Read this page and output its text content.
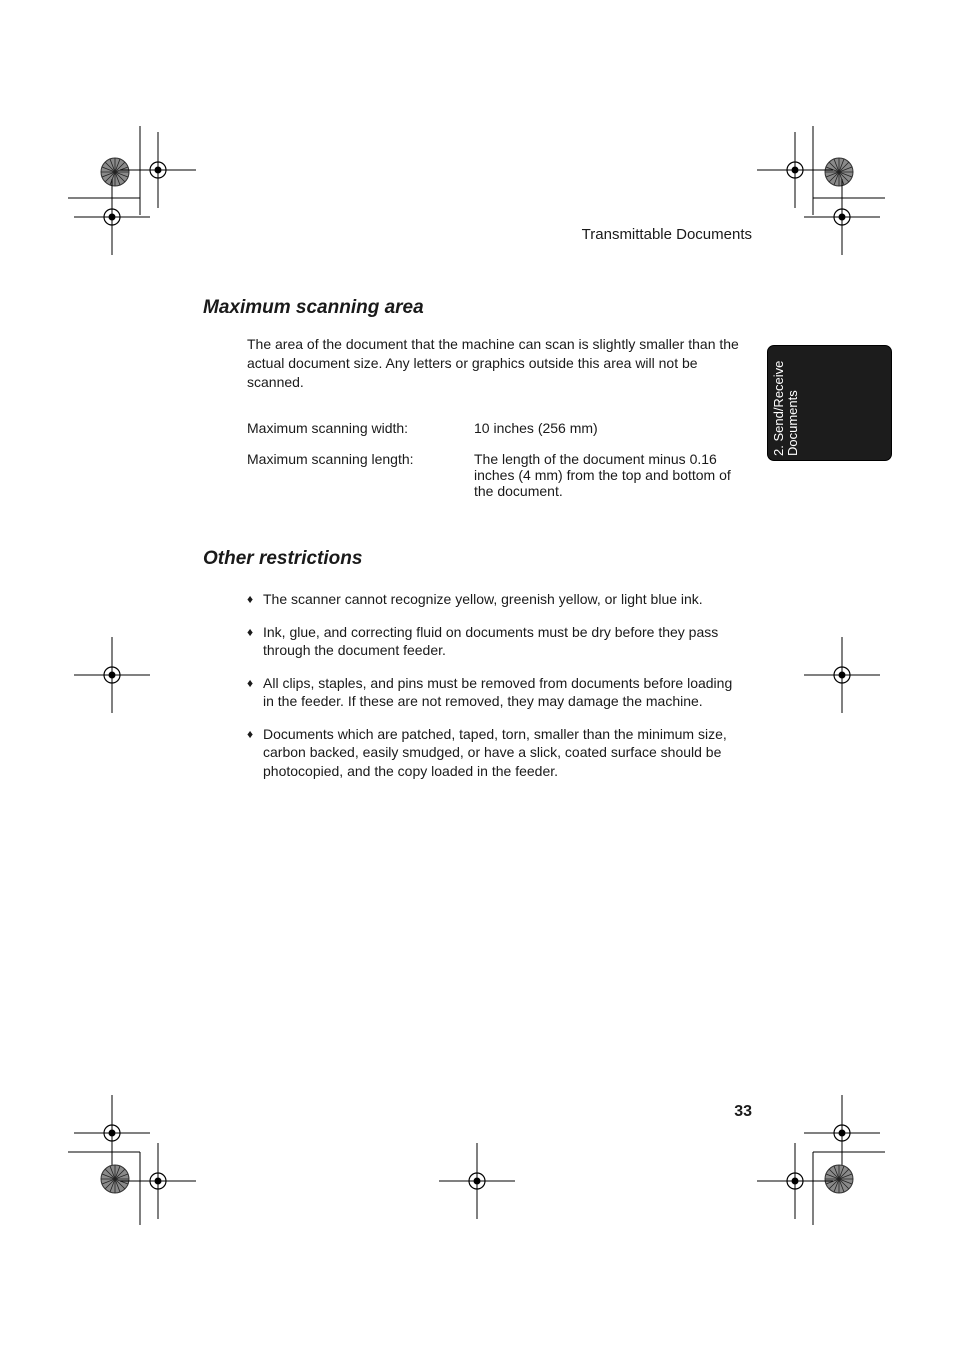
Transmittable Documents
2. Send/Receive Documents
Maximum scanning area
The area of the document that the machine can scan is slightly smaller than the actual document size. Any letters or graphics outside this area will not be scanned.
Maximum scanning width:	10 inches (256 mm)
Maximum scanning length:	The length of the document minus 0.16 inches (4 mm) from the top and bottom of the document.
Other restrictions
♦ The scanner cannot recognize yellow, greenish yellow, or light blue ink.
♦ Ink, glue, and correcting fluid on documents must be dry before they pass through the document feeder.
♦ All clips, staples, and pins must be removed from documents before loading in the feeder. If these are not removed, they may damage the machine.
♦ Documents which are patched, taped, torn, smaller than the minimum size, carbon backed, easily smudged, or have a slick, coated surface should be photocopied, and the copy loaded in the feeder.
33
